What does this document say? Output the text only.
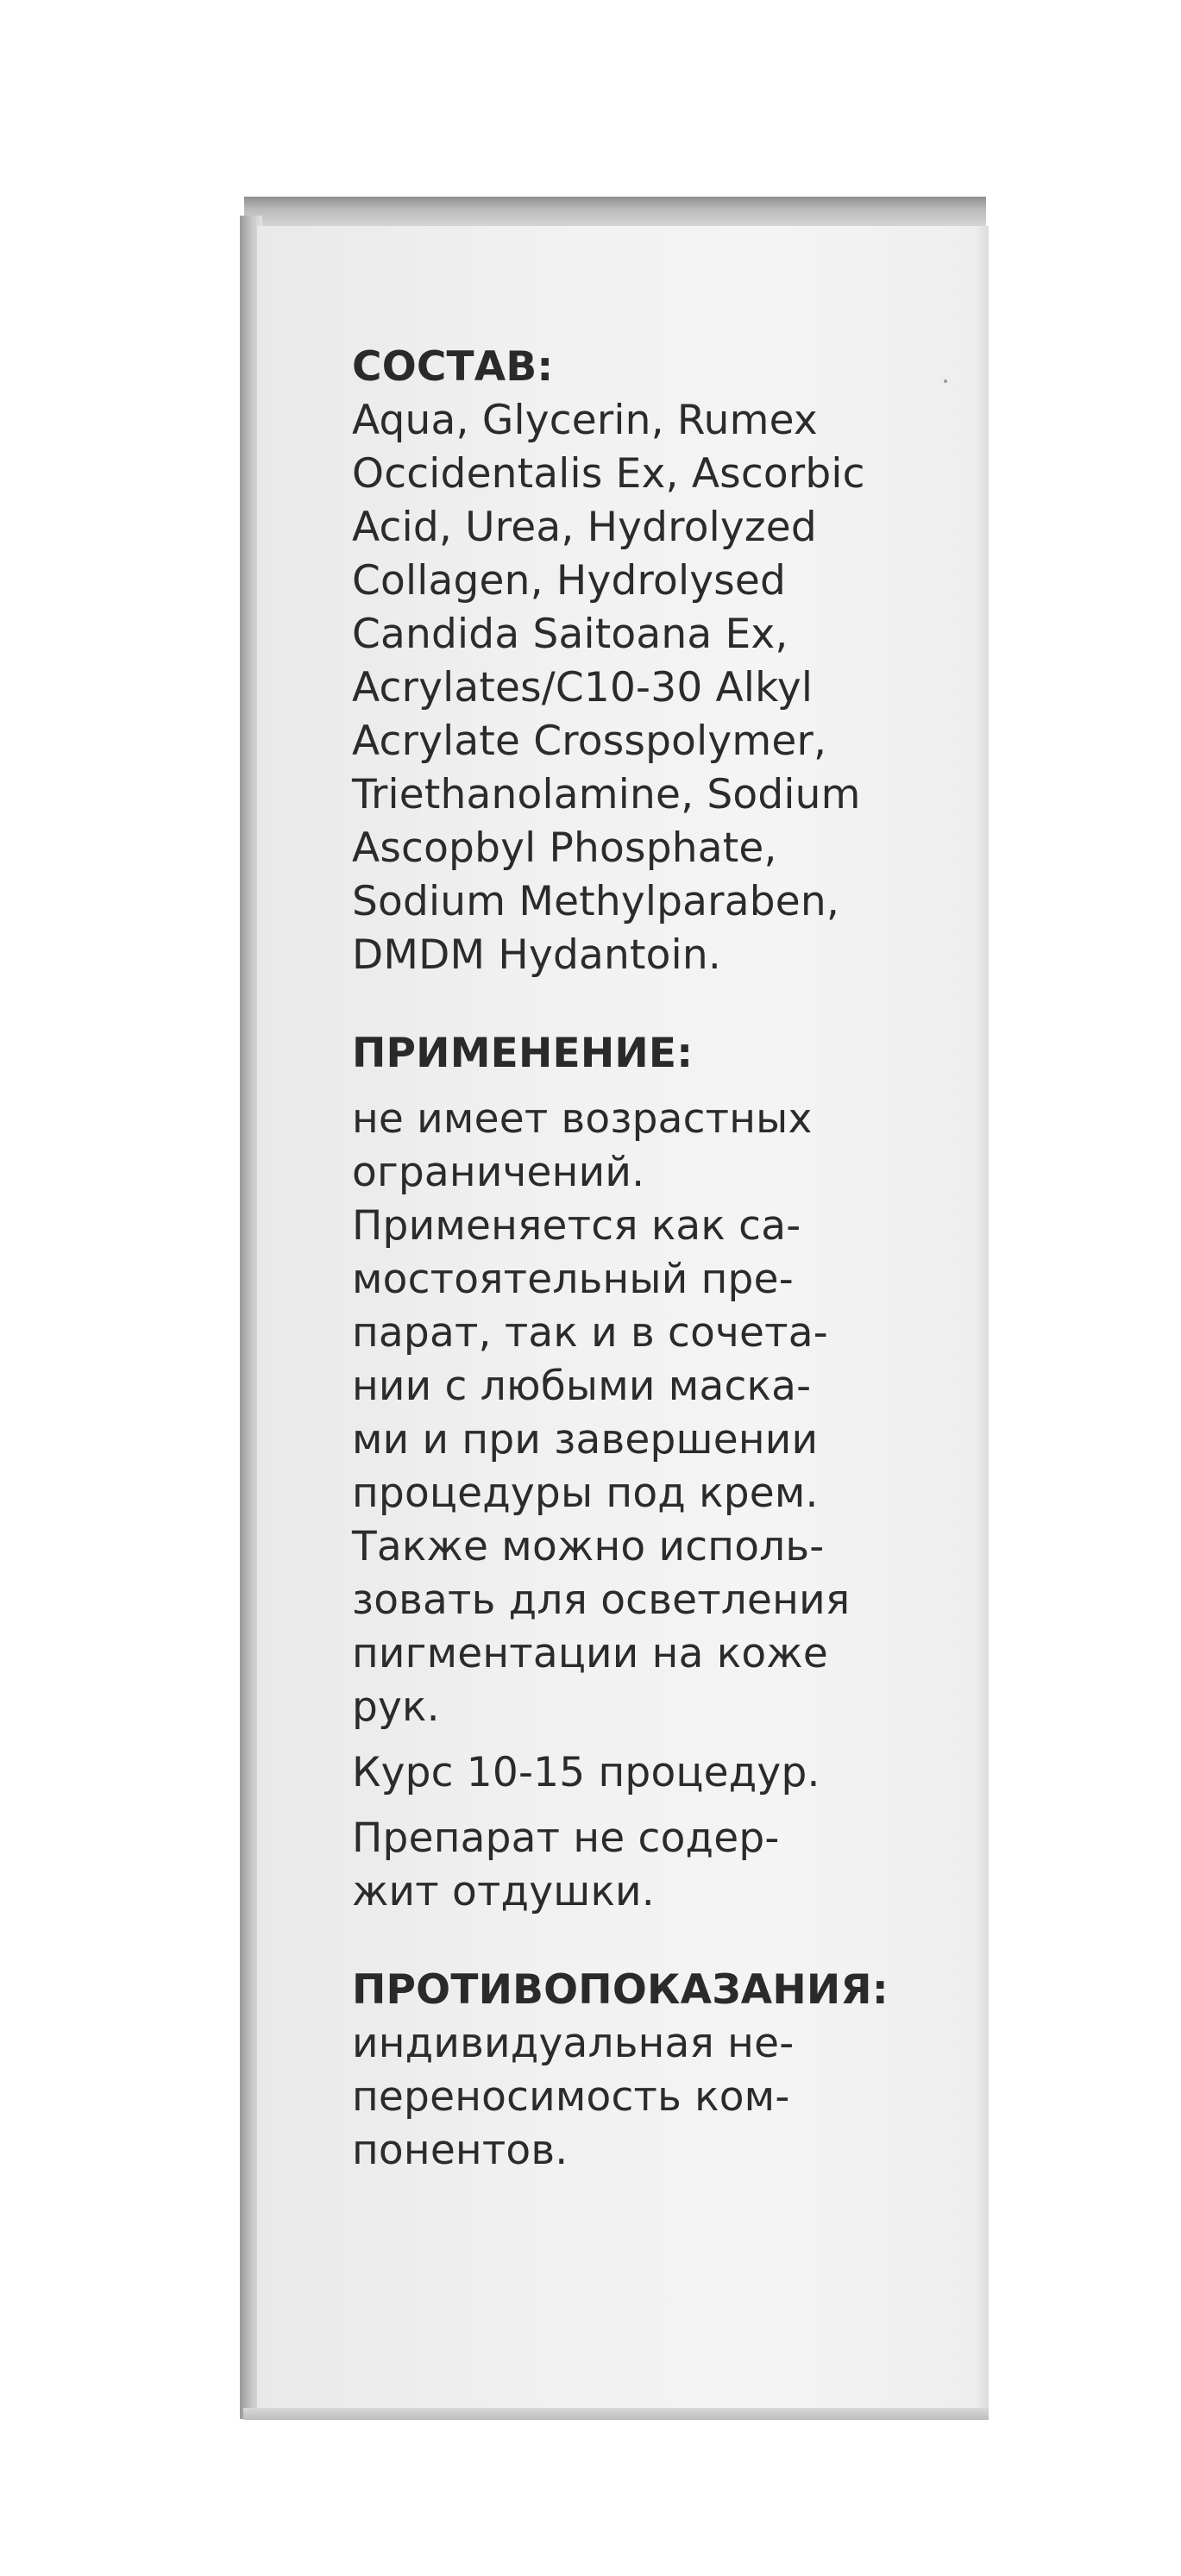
СОСТАВ:
Aqua, Glycerin, Rumex
Occidentalis Ex, Ascorbic
Acid, Urea, Hydrolyzed
Collagen, Hydrolysed
Candida Saitoana Ex,
Acrylates/C10-30 Alkyl
Acrylate Crosspolymer,
Triethanolamine, Sodium
Ascopbyl Phosphate,
Sodium Methylparaben,
DMDM Hydantoin.
ПРИМЕНЕНИЕ:
не имеет возрастных
ограничений.
Применяется как са-
мостоятельный пре-
парат, так и в сочета-
нии с любыми маска-
ми и при завершении
процедуры под крем.
Также можно исполь-
зовать для осветления
пигментации на коже
рук.
Курс 10-15 процедур.
Препарат не содер-
жит отдушки.
ПРОТИВОПОКАЗАНИЯ:
индивидуальная не-
переносимость ком-
понентов.
